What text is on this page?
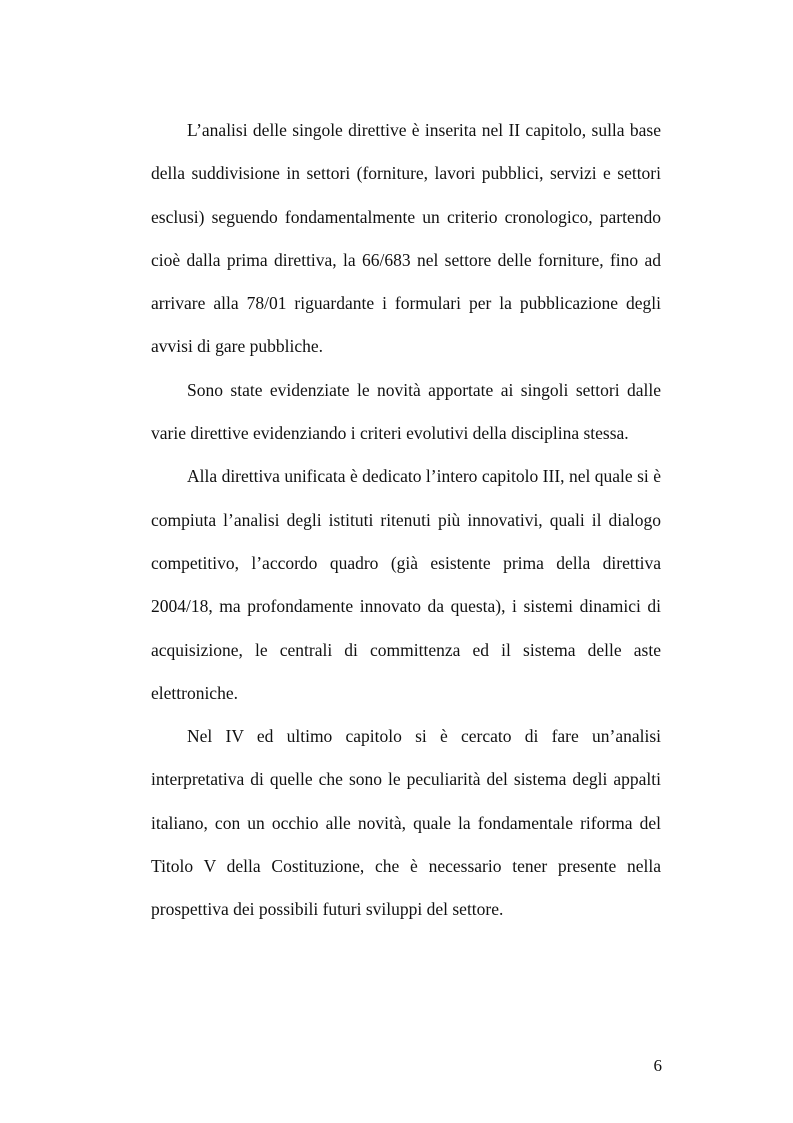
L’analisi delle singole direttive è inserita nel II capitolo, sulla base della suddivisione in settori (forniture, lavori pubblici, servizi e settori esclusi) seguendo fondamentalmente un criterio cronologico, partendo cioè dalla prima direttiva, la 66/683 nel settore delle forniture, fino ad arrivare alla 78/01 riguardante i formulari per la pubblicazione degli avvisi di gare pubbliche.

Sono state evidenziate le novità apportate ai singoli settori dalle varie direttive evidenziando i criteri evolutivi della disciplina stessa.

Alla direttiva unificata è dedicato l’intero capitolo III, nel quale si è compiuta l’analisi degli istituti ritenuti più innovativi, quali il dialogo competitivo, l’accordo quadro (già esistente prima della direttiva 2004/18, ma profondamente innovato da questa), i sistemi dinamici di acquisizione, le centrali di committenza ed il sistema delle aste elettroniche.

Nel IV ed ultimo capitolo si è cercato di fare un’analisi interpretativa di quelle che sono le peculiarità del sistema degli appalti italiano, con un occhio alle novità, quale la fondamentale riforma del Titolo V della Costituzione, che è necessario tener presente nella prospettiva dei possibili futuri sviluppi del settore.

6
